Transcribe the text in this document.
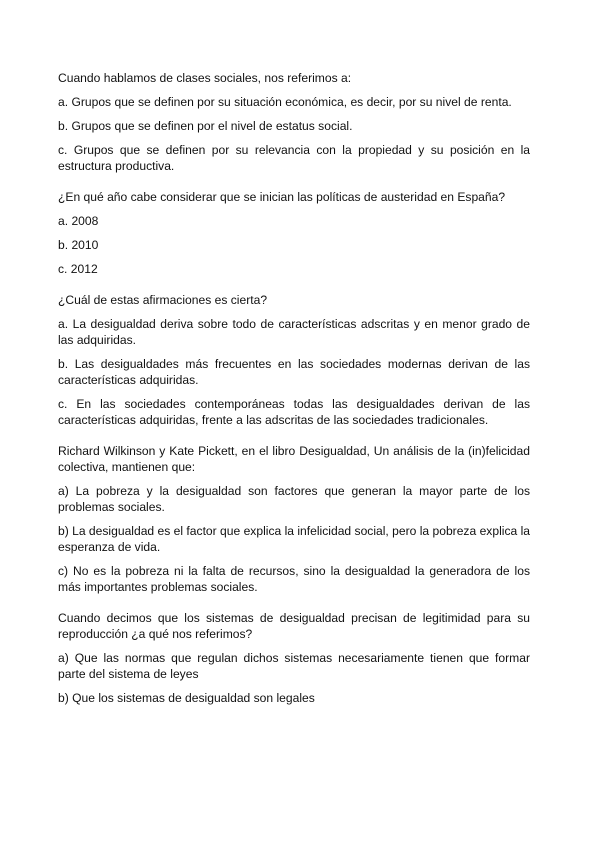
Cuando hablamos de clases sociales, nos referimos a:

a. Grupos que se definen por su situación económica, es decir, por su nivel de renta.

b. Grupos que se definen por el nivel de estatus social.

c. Grupos que se definen por su relevancia con la propiedad y su posición en la estructura productiva.

¿En qué año cabe considerar que se inician las políticas de austeridad en España?

a. 2008

b. 2010

c. 2012

¿Cuál de estas afirmaciones es cierta?

a. La desigualdad deriva sobre todo de características adscritas y en menor grado de las adquiridas.

b. Las desigualdades más frecuentes en las sociedades modernas derivan de las características adquiridas.

c. En las sociedades contemporáneas todas las desigualdades derivan de las características adquiridas, frente a las adscritas de las sociedades tradicionales.

Richard Wilkinson y Kate Pickett, en el libro Desigualdad, Un análisis de la (in)felicidad colectiva, mantienen que:

a) La pobreza y la desigualdad son factores que generan la mayor parte de los problemas sociales.

b) La desigualdad es el factor que explica la infelicidad social, pero la pobreza explica la esperanza de vida.

c) No es la pobreza ni la falta de recursos, sino la desigualdad la generadora de los más importantes problemas sociales.

Cuando decimos que los sistemas de desigualdad precisan de legitimidad para su reproducción ¿a qué nos referimos?

a) Que las normas que regulan dichos sistemas necesariamente tienen que formar parte del sistema de leyes

b) Que los sistemas de desigualdad son legales
